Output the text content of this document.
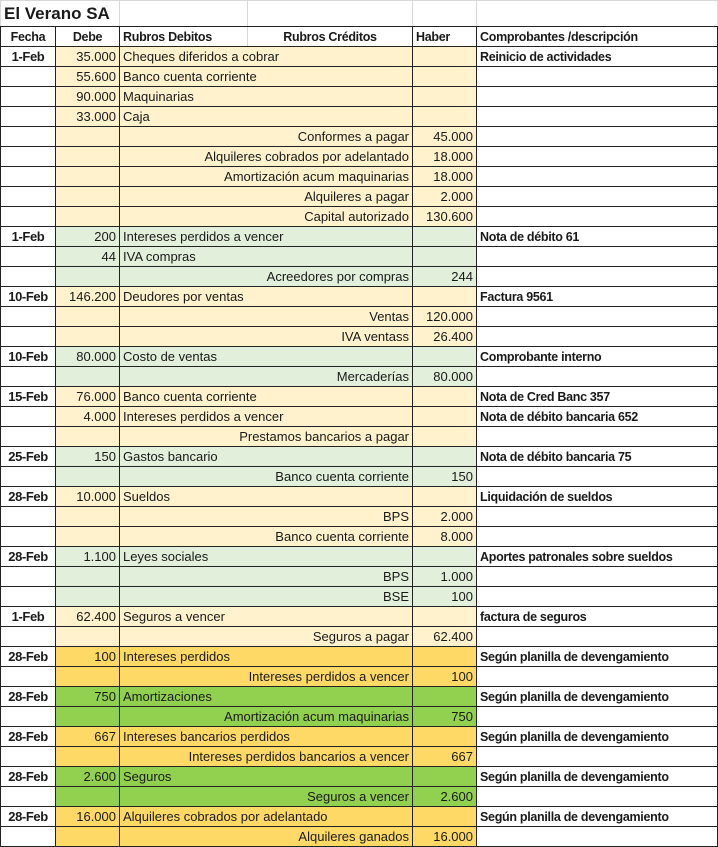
El Verano SA					
Fecha	Debe	Rubros Debitos	Rubros Créditos	Haber	Comprobantes /descripción
1-Feb	35.000	Cheques diferidos a cobrar			Reinicio de actividades
	55.600	Banco cuenta corriente			
	90.000	Maquinarias			
	33.000	Caja			
		Conformes a pagar		45.000	
		Alquileres cobrados por adelantado		18.000	
		Amortización acum maquinarias		18.000	
		Alquileres a pagar		2.000	
		Capital autorizado		130.600	
1-Feb	200	Intereses perdidos a vencer			Nota de débito 61
	44	IVA compras			
		Acreedores por compras		244	
10-Feb	146.200	Deudores por ventas			Factura 9561
		Ventas		120.000	
		IVA ventass		26.400	
10-Feb	80.000	Costo de ventas			Comprobante interno
		Mercaderías		80.000	
15-Feb	76.000	Banco cuenta corriente			Nota de Cred Banc 357
	4.000	Intereses perdidos a vencer			Nota de débito bancaria 652
		Prestamos bancarios a pagar			
25-Feb	150	Gastos bancario			Nota de débito bancaria 75
		Banco cuenta corriente		150	
28-Feb	10.000	Sueldos			Liquidación de sueldos
		BPS		2.000	
		Banco cuenta corriente		8.000	
28-Feb	1.100	Leyes sociales			Aportes patronales sobre sueldos
		BPS		1.000	
		BSE		100	
1-Feb	62.400	Seguros a vencer			factura de seguros
		Seguros a pagar		62.400	
28-Feb	100	Intereses perdidos			Según planilla de devengamiento
		Intereses perdidos a vencer		100	
28-Feb	750	Amortizaciones			Según planilla de devengamiento
		Amortización acum maquinarias		750	
28-Feb	667	Intereses bancarios perdidos			Según planilla de devengamiento
		Intereses perdidos bancarios a vencer		667	
28-Feb	2.600	Seguros			Según planilla de devengamiento
		Seguros a vencer		2.600	
28-Feb	16.000	Alquileres cobrados por adelantado			Según planilla de devengamiento
		Alquileres ganados		16.000	
